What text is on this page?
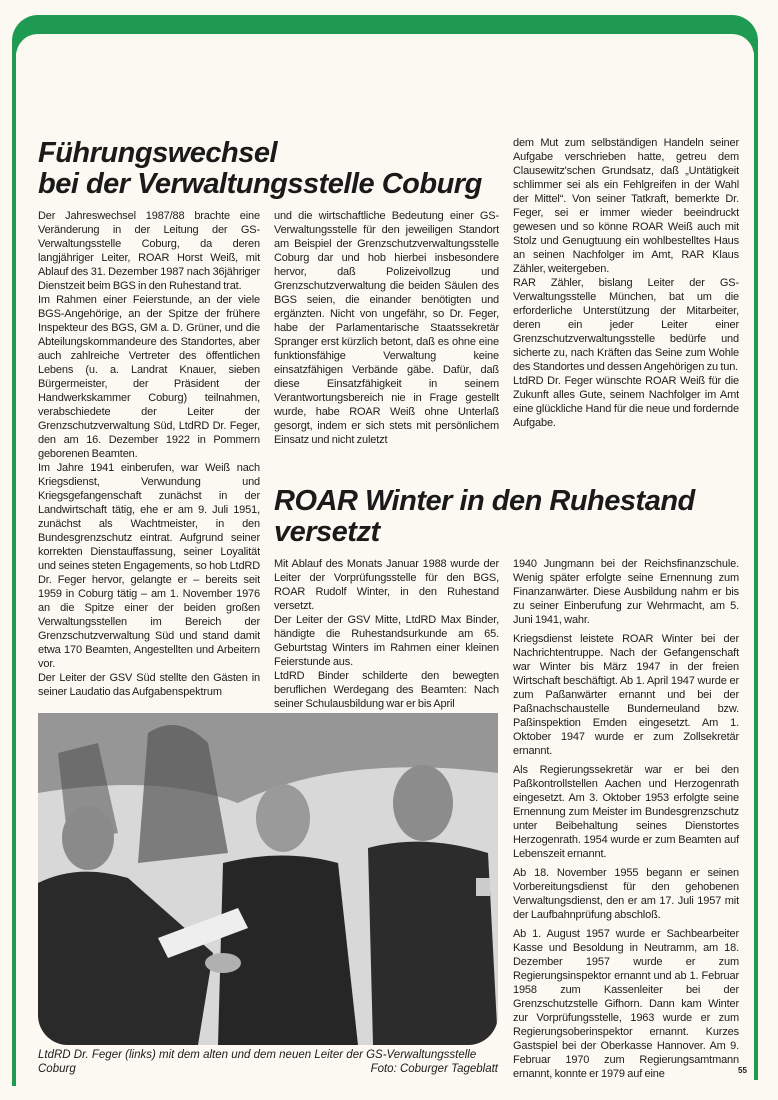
Führungswechsel
bei der Verwaltungsstelle Coburg

Der Jahreswechsel 1987/88 brachte eine Veränderung in der Leitung der GS-Verwaltungsstelle Coburg, da deren langjähriger Leiter, ROAR Horst Weiß, mit Ablauf des 31. Dezember 1987 nach 36jähriger Dienstzeit beim BGS in den Ruhestand trat.

Im Rahmen einer Feierstunde, an der viele BGS-Angehörige, an der Spitze der frühere Inspekteur des BGS, GM a. D. Grüner, und die Abteilungskommandeure des Standortes, aber auch zahlreiche Vertreter des öffentlichen Lebens (u. a. Landrat Knauer, sieben Bürgermeister, der Präsident der Handwerkskammer Coburg) teilnahmen, verabschiedete der Leiter der Grenzschutzverwaltung Süd, LtdRD Dr. Feger, den am 16. Dezember 1922 in Pommern geborenen Beamten.

Im Jahre 1941 einberufen, war Weiß nach Kriegsdienst, Verwundung und Kriegsgefangenschaft zunächst in der Landwirtschaft tätig, ehe er am 9. Juli 1951, zunächst als Wachtmeister, in den Bundesgrenzschutz eintrat. Aufgrund seiner korrekten Dienstauffassung, seiner Loyalität und seines steten Engagements, so hob LtdRD Dr. Feger hervor, gelangte er – bereits seit 1959 in Coburg tätig – am 1. November 1976 an die Spitze einer der beiden großen Verwaltungsstellen im Bereich der Grenzschutzverwaltung Süd und stand damit etwa 170 Beamten, Angestellten und Arbeitern vor.

Der Leiter der GSV Süd stellte den Gästen in seiner Laudatio das Aufgabenspektrum

und die wirtschaftliche Bedeutung einer GS-Verwaltungsstelle für den jeweiligen Standort am Beispiel der Grenzschutzverwaltungsstelle Coburg dar und hob hierbei insbesondere hervor, daß Polizeivollzug und Grenzschutzverwaltung die beiden Säulen des BGS seien, die einander benötigten und ergänzten. Nicht von ungefähr, so Dr. Feger, habe der Parlamentarische Staatssekretär Spranger erst kürzlich betont, daß es ohne eine funktionsfähige Verwaltung keine einsatzfähigen Verbände gäbe. Dafür, daß diese Einsatzfähigkeit in seinem Verantwortungsbereich nie in Frage gestellt wurde, habe ROAR Weiß ohne Unterlaß gesorgt, indem er sich stets mit persönlichem Einsatz und nicht zuletzt

dem Mut zum selbständigen Handeln seiner Aufgabe verschrieben hatte, getreu dem Clausewitz'schen Grundsatz, daß „Untätigkeit schlimmer sei als ein Fehlgreifen in der Wahl der Mittel“. Von seiner Tatkraft, bemerkte Dr. Feger, sei er immer wieder beeindruckt gewesen und so könne ROAR Weiß auch mit Stolz und Genugtuung ein wohlbestelltes Haus an seinen Nachfolger im Amt, RAR Klaus Zähler, weitergeben.

RAR Zähler, bislang Leiter der GS-Verwaltungsstelle München, bat um die erforderliche Unterstützung der Mitarbeiter, deren ein jeder Leiter einer Grenzschutzverwaltungsstelle bedürfe und sicherte zu, nach Kräften das Seine zum Wohle des Standortes und dessen Angehörigen zu tun.

LtdRD Dr. Feger wünschte ROAR Weiß für die Zukunft alles Gute, seinem Nachfolger im Amt eine glückliche Hand für die neue und fordernde Aufgabe.

ROAR Winter in den Ruhestand
versetzt

Mit Ablauf des Monats Januar 1988 wurde der Leiter der Vorprüfungsstelle für den BGS, ROAR Rudolf Winter, in den Ruhestand versetzt.

Der Leiter der GSV Mitte, LtdRD Max Binder, händigte die Ruhestandsurkunde am 65. Geburtstag Winters im Rahmen einer kleinen Feierstunde aus.

LtdRD Binder schilderte den bewegten beruflichen Werdegang des Beamten: Nach seiner Schulausbildung war er bis April

1940 Jungmann bei der Reichsfinanzschule. Wenig später erfolgte seine Ernennung zum Finanzanwärter. Diese Ausbildung nahm er bis zu seiner Einberufung zur Wehrmacht, am 5. Juni 1941, wahr.

Kriegsdienst leistete ROAR Winter bei der Nachrichtentruppe. Nach der Gefangenschaft war Winter bis März 1947 in der freien Wirtschaft beschäftigt. Ab 1. April 1947 wurde er zum Paßanwärter ernannt und bei der Paßnachschaustelle Bunderneuland bzw. Paßinspektion Emden eingesetzt. Am 1. Oktober 1947 wurde er zum Zollsekretär ernannt.

Als Regierungssekretär war er bei den Paßkontrollstellen Aachen und Herzogenrath eingesetzt. Am 3. Oktober 1953 erfolgte seine Ernennung zum Meister im Bundesgrenzschutz unter Beibehaltung seines Dienstortes Herzogenrath. 1954 wurde er zum Beamten auf Lebenszeit ernannt.

Ab 18. November 1955 begann er seinen Vorbereitungsdienst für den gehobenen Verwaltungsdienst, den er am 17. Juli 1957 mit der Laufbahnprüfung abschloß.

Ab 1. August 1957 wurde er Sachbearbeiter Kasse und Besoldung in Neutramm, am 18. Dezember 1957 wurde er zum Regierungsinspektor ernannt und ab 1. Februar 1958 zum Kassenleiter bei der Grenzschutzstelle Gifhorn. Dann kam Winter zur Vorprüfungsstelle, 1963 wurde er zum Regierungsoberinspektor ernannt. Kurzes Gastspiel bei der Oberkasse Hannover. Am 9. Februar 1970 zum Regierungsamtmann ernannt, konnte er 1979 auf eine

LtdRD Dr. Feger (links) mit dem alten und dem neuen Leiter der GS-Verwaltungsstelle Coburg	Foto: Coburger Tageblatt	55
